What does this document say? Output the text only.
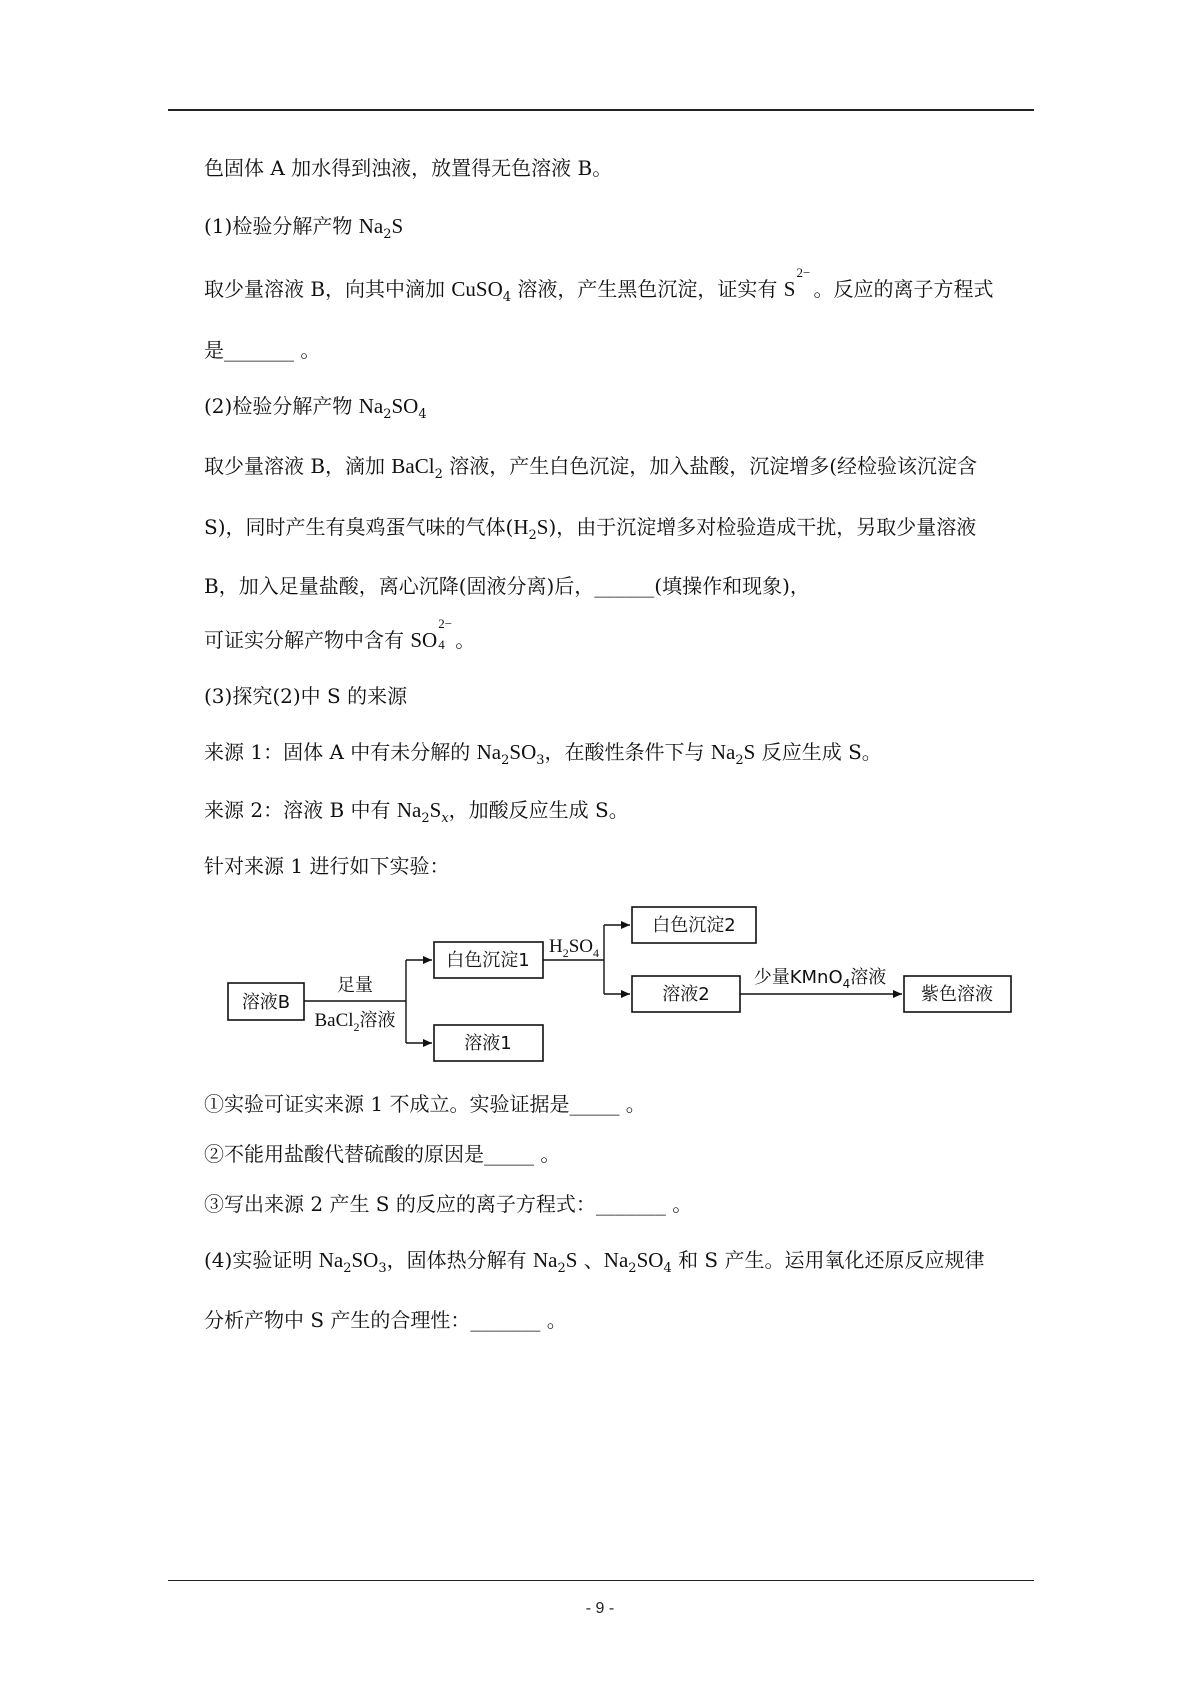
色固体 A 加水得到浊液，放置得无色溶液 B。

(1)检验分解产物 $Na_2S$

取少量溶液 B，向其中滴加 CuSO$_4$ 溶液，产生黑色沉淀，证实有 S
2−
。反应的离子方程式

是_______ 。

(2)检验分解产物 $Na_2SO_4$

取少量溶液 B，滴加 BaCl$_2$ 溶液，产生白色沉淀，加入盐酸，沉淀增多(经检验该沉淀含

S)，同时产生有臭鸡蛋气味的气体$(H_2S)$，由于沉淀增多对检验造成干扰，另取少量溶液

B，加入足量盐酸，离心沉降(固液分离)后，______(填操作和现象)，

可证实分解产物中含有 SO
2−
4 。

(3)探究(2)中 S 的来源

来源 1：固体 A 中有未分解的 $Na_2SO_3$，在酸性条件下与 $Na_2S$ 反应生成 S。

来源 2：溶液 B 中有 $Na_2S_x$，加酸反应生成 S。

针对来源 1 进行如下实验：

溶液B
足量
BaCl$_2$溶液
白色沉淀1
溶液1
$H_2SO_4$
白色沉淀2
溶液2
少量KMnO$_4$溶液
紫色溶液

①实验可证实来源 1 不成立。实验证据是_____ 。

②不能用盐酸代替硫酸的原因是_____ 。

③写出来源 2 产生 S 的反应的离子方程式：_______ 。

(4)实验证明 $Na_2SO_3$，固体热分解有 $Na_2S$ 、$Na_2SO_4$ 和 S 产生。运用氧化还原反应规律

分析产物中 S 产生的合理性：_______ 。

- 9 -
